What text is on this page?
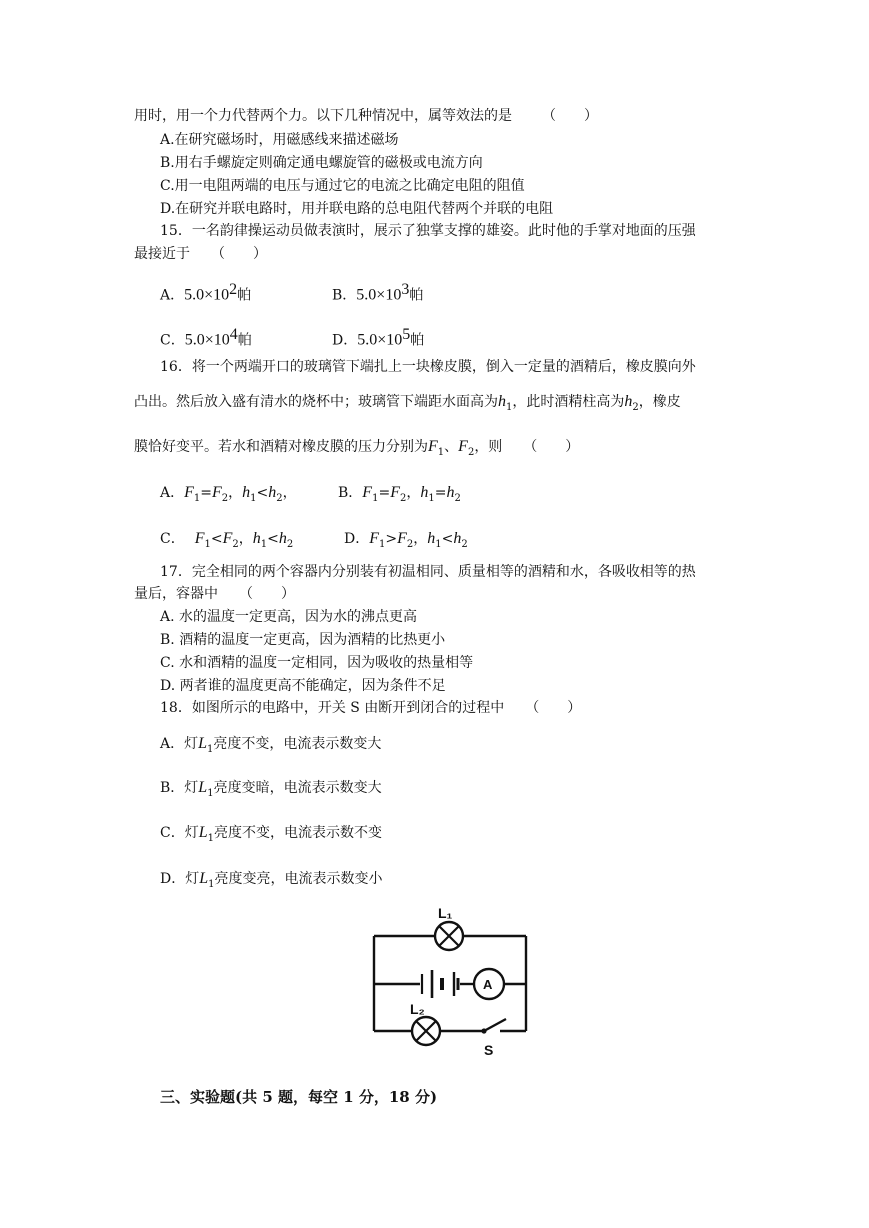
用时，用一个力代替两个力。以下几种情况中，属等效法的是 （　　）
A.在研究磁场时，用磁感线来描述磁场
B.用右手螺旋定则确定通电螺旋管的磁极或电流方向
C.用一电阻两端的电压与通过它的电流之比确定电阻的阻值
D.在研究并联电路时，用并联电路的总电阻代替两个并联的电阻
15．一名韵律操运动员做表演时，展示了独掌支撑的雄姿。此时他的手掌对地面的压强
最接近于　　（　　）
A．$5.0\times 10^2$帕	B．$5.0\times 10^3$帕
C．$5.0\times 10^4$帕	D．$5.0\times 10^5$帕
16．将一个两端开口的玻璃管下端扎上一块橡皮膜，倒入一定量的酒精后，橡皮膜向外
凸出。然后放入盛有清水的烧杯中；玻璃管下端距水面高为$h_1$，此时酒精柱高为$h_2$，橡皮
膜恰好变平。若水和酒精对橡皮膜的压力分别为$F_1$、$F_2$，则　　（　　）
A．$F_1=F_2$，$h_1<h_2$，	B．$F_1=F_2$，$h_1=h_2$
C． $F_1<F_2$，$h_1<h_2$	D．$F_1>F_2$，$h_1<h_2$
17．完全相同的两个容器内分别装有初温相同、质量相等的酒精和水，各吸收相等的热
量后，容器中　　（　　）
A. 水的温度一定更高，因为水的沸点更高
B. 酒精的温度一定更高，因为酒精的比热更小
C. 水和酒精的温度一定相同，因为吸收的热量相等
D. 两者谁的温度更高不能确定，因为条件不足
18．如图所示的电路中，开关 S 由断开到闭合的过程中　　（　　）
A．灯$L_1$亮度不变，电流表示数变大
B．灯$L_1$亮度变暗，电流表示数变大
C．灯$L_1$亮度不变，电流表示数不变
D．灯$L_1$亮度变亮，电流表示数变小
L₁
A
L₂
S
三、实验题(共 5 题，每空 1 分，18 分)
